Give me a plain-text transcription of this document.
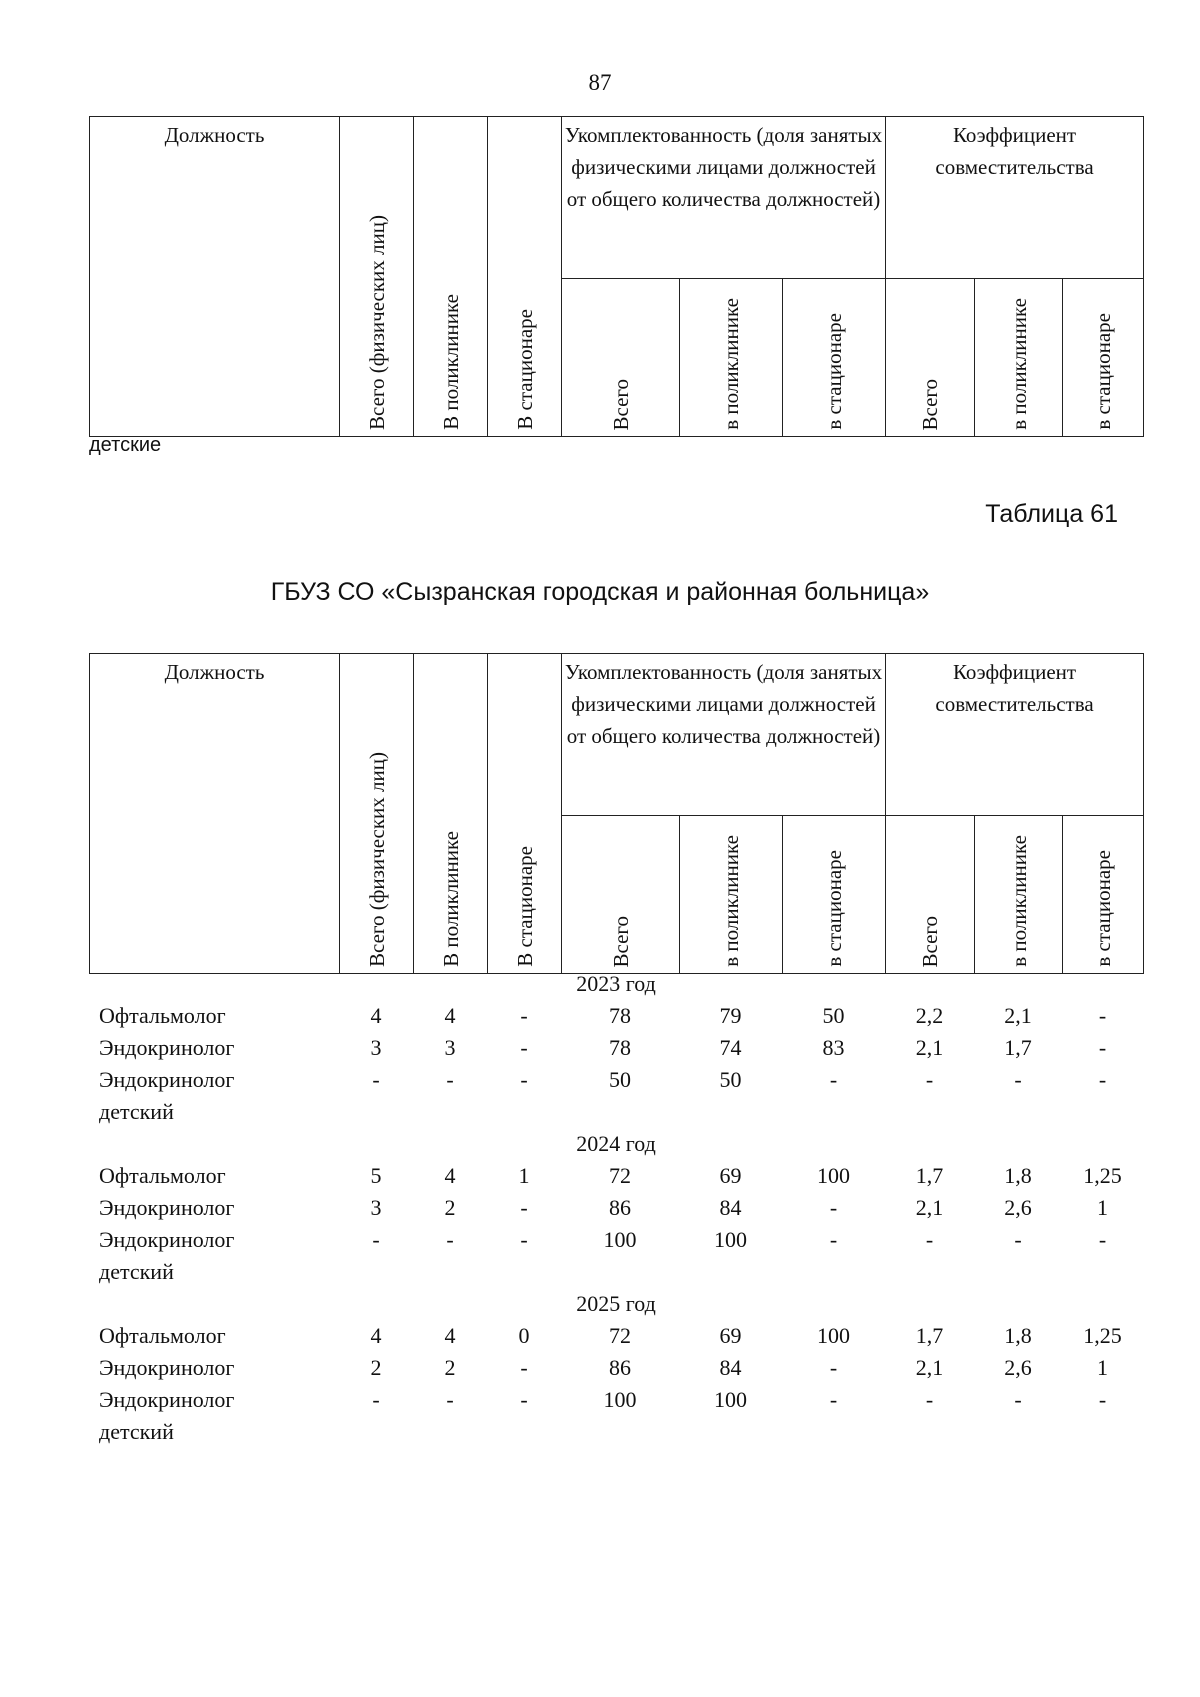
87
Должность	Всего (физических лиц)	В поликлинике	В стационаре	Укомплектованность (доля занятых физическими лицами должностей от общего количества должностей)			Коэффициент совместительства		
				Всего	в поликлинике	в стационаре	Всего	в поликлинике	в стационаре
детские
Таблица 61
ГБУЗ СО «Сызранская городская и районная больница»
Должность	Всего (физических лиц)	В поликлинике	В стационаре	Укомплектованность (доля занятых физическими лицами должностей от общего количества должностей)			Коэффициент совместительства		
				Всего	в поликлинике	в стационаре	Всего	в поликлинике	в стационаре
2023 год									
Офтальмолог	4	4	-	78	79	50	2,2	2,1	-
Эндокринолог	3	3	-	78	74	83	2,1	1,7	-
Эндокринолог	-	-	-	50	50	-	-	-	-
детский									
2024 год									
Офтальмолог	5	4	1	72	69	100	1,7	1,8	1,25
Эндокринолог	3	2	-	86	84	-	2,1	2,6	1
Эндокринолог	-	-	-	100	100	-	-	-	-
детский									
2025 год									
Офтальмолог	4	4	0	72	69	100	1,7	1,8	1,25
Эндокринолог	2	2	-	86	84	-	2,1	2,6	1
Эндокринолог	-	-	-	100	100	-	-	-	-
детский									
